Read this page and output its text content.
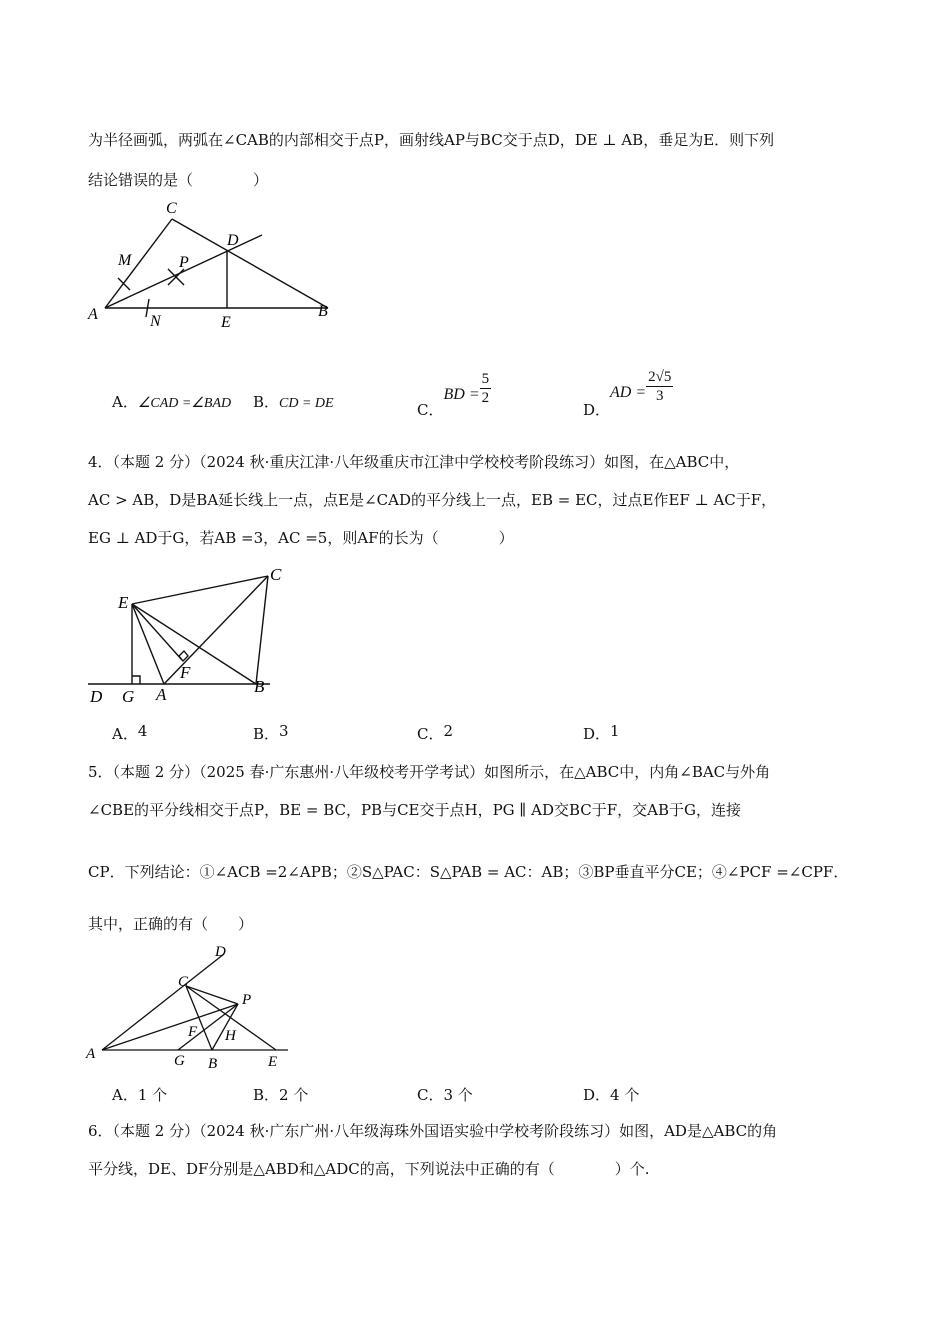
为半径画弧，两弧在∠CAB的内部相交于点P，画射线AP与BC交于点D，DE ⊥ AB，垂足为E．则下列
结论错误的是（　　　　）
C
D
M	P
A	N	E
B
A．∠CAD =∠BAD B．CD = DE	C．BD = $\frac{5}{2}$
D．AD = $\frac{2√5}{3}$
4．（本题 2 分）（2024 秋·重庆江津·八年级重庆市江津中学校校考阶段练习）如图，在△ABC中，
AC > AB，D是BA延长线上一点，点E是∠CAD的平分线上一点，EB = EC，过点E作EF ⊥ AC于F，
EG ⊥ AD于G，若AB =3，AC =5，则AF的长为（　　　　）
C
E
F
D G A	B
A．4	B．3	C．2	D．1
5．（本题 2 分）（2025 春·广东惠州·八年级校考开学考试）如图所示，在△ABC中，内角∠BAC与外角
∠CBE的平分线相交于点P，BE = BC，PB与CE交于点H，PG ∥ AD交BC于F，交AB于G，连接
CP．下列结论：①∠ACB =2∠APB；②S△PAC：S△PAB = AC：AB；③BP垂直平分CE；④∠PCF =∠CPF．
其中，正确的有（　　）
D
C
P
F H
A	G B	E
A．1 个	B．2 个	C．3 个	D．4 个
6．（本题 2 分）（2024 秋·广东广州·八年级海珠外国语实验中学校考阶段练习）如图，AD是△ABC的角
平分线，DE、DF分别是△ABD和△ADC的高，下列说法中正确的有（　　　　）个.
